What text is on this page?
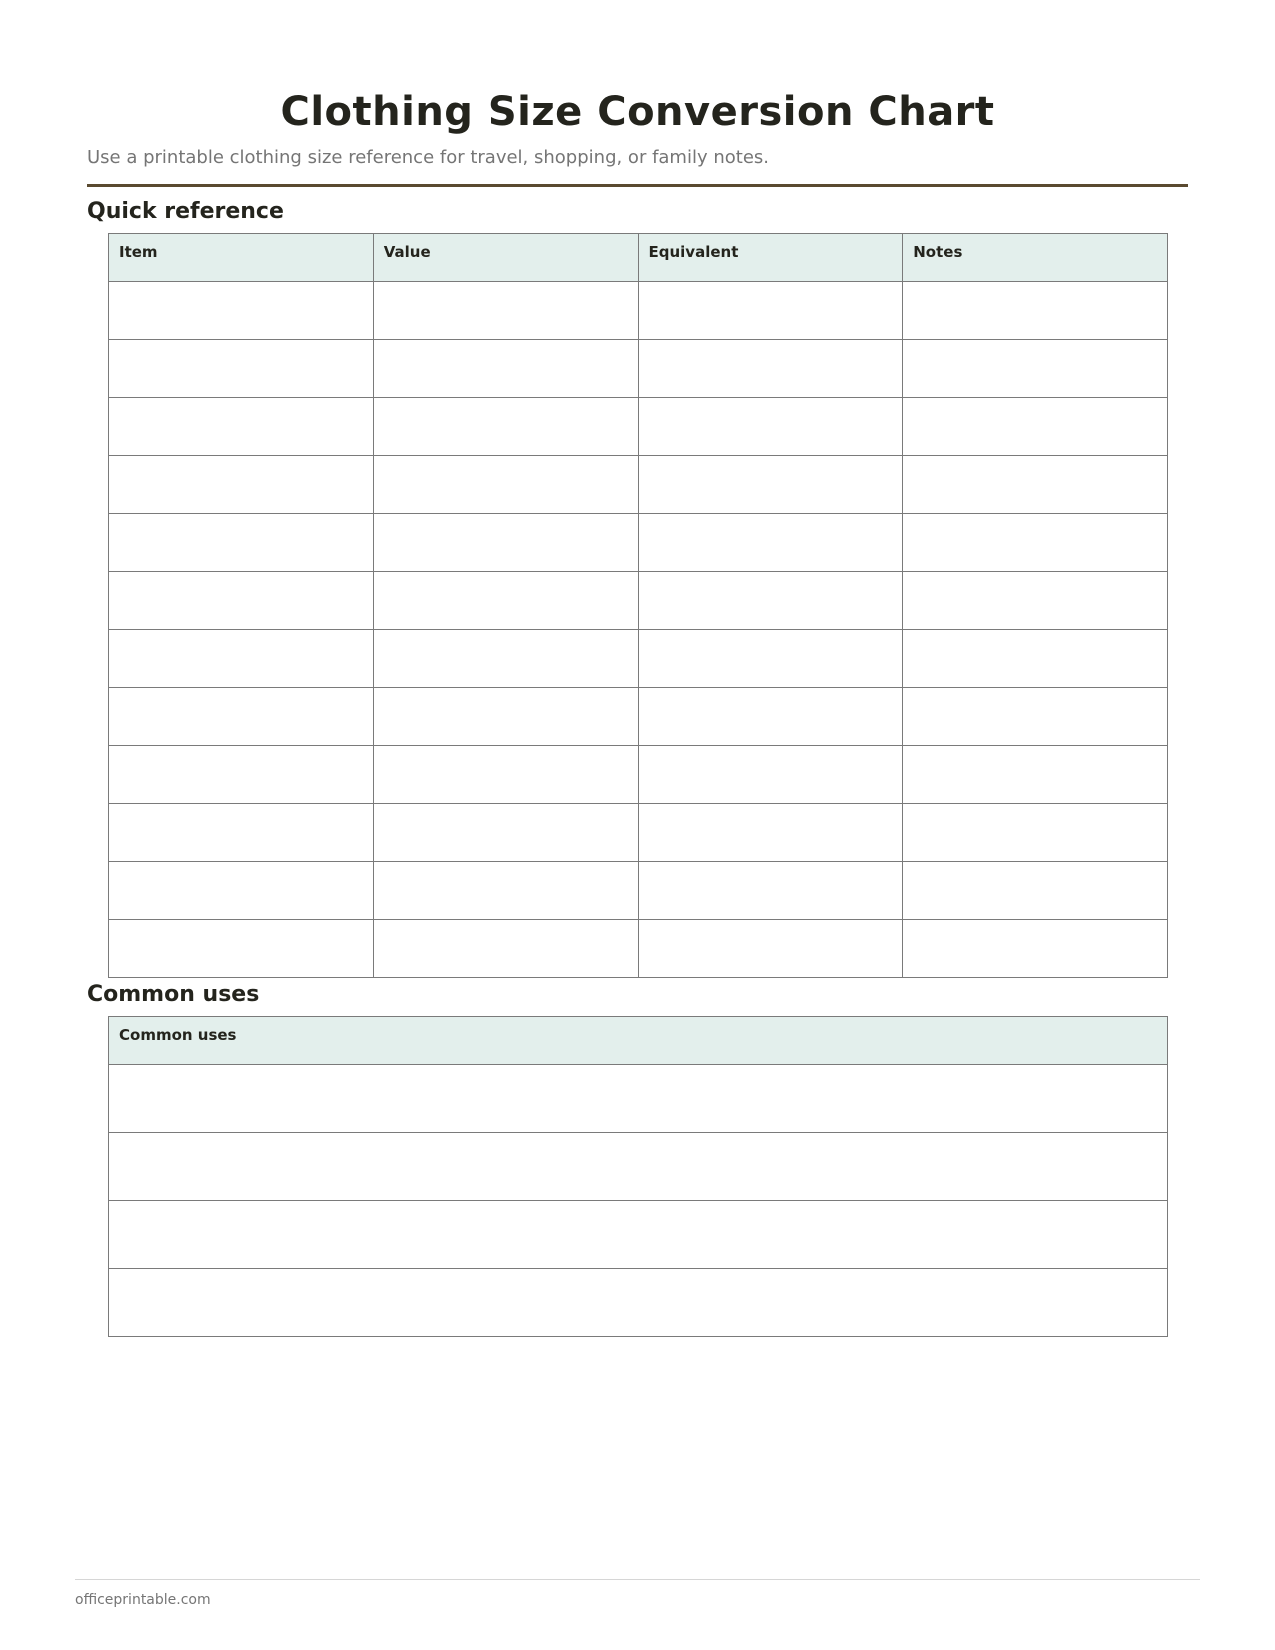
Clothing Size Conversion Chart

Use a printable clothing size reference for travel, shopping, or family notes.

Quick reference
Item	Value	Equivalent	Notes

Common uses
Common uses

officeprintable.com
